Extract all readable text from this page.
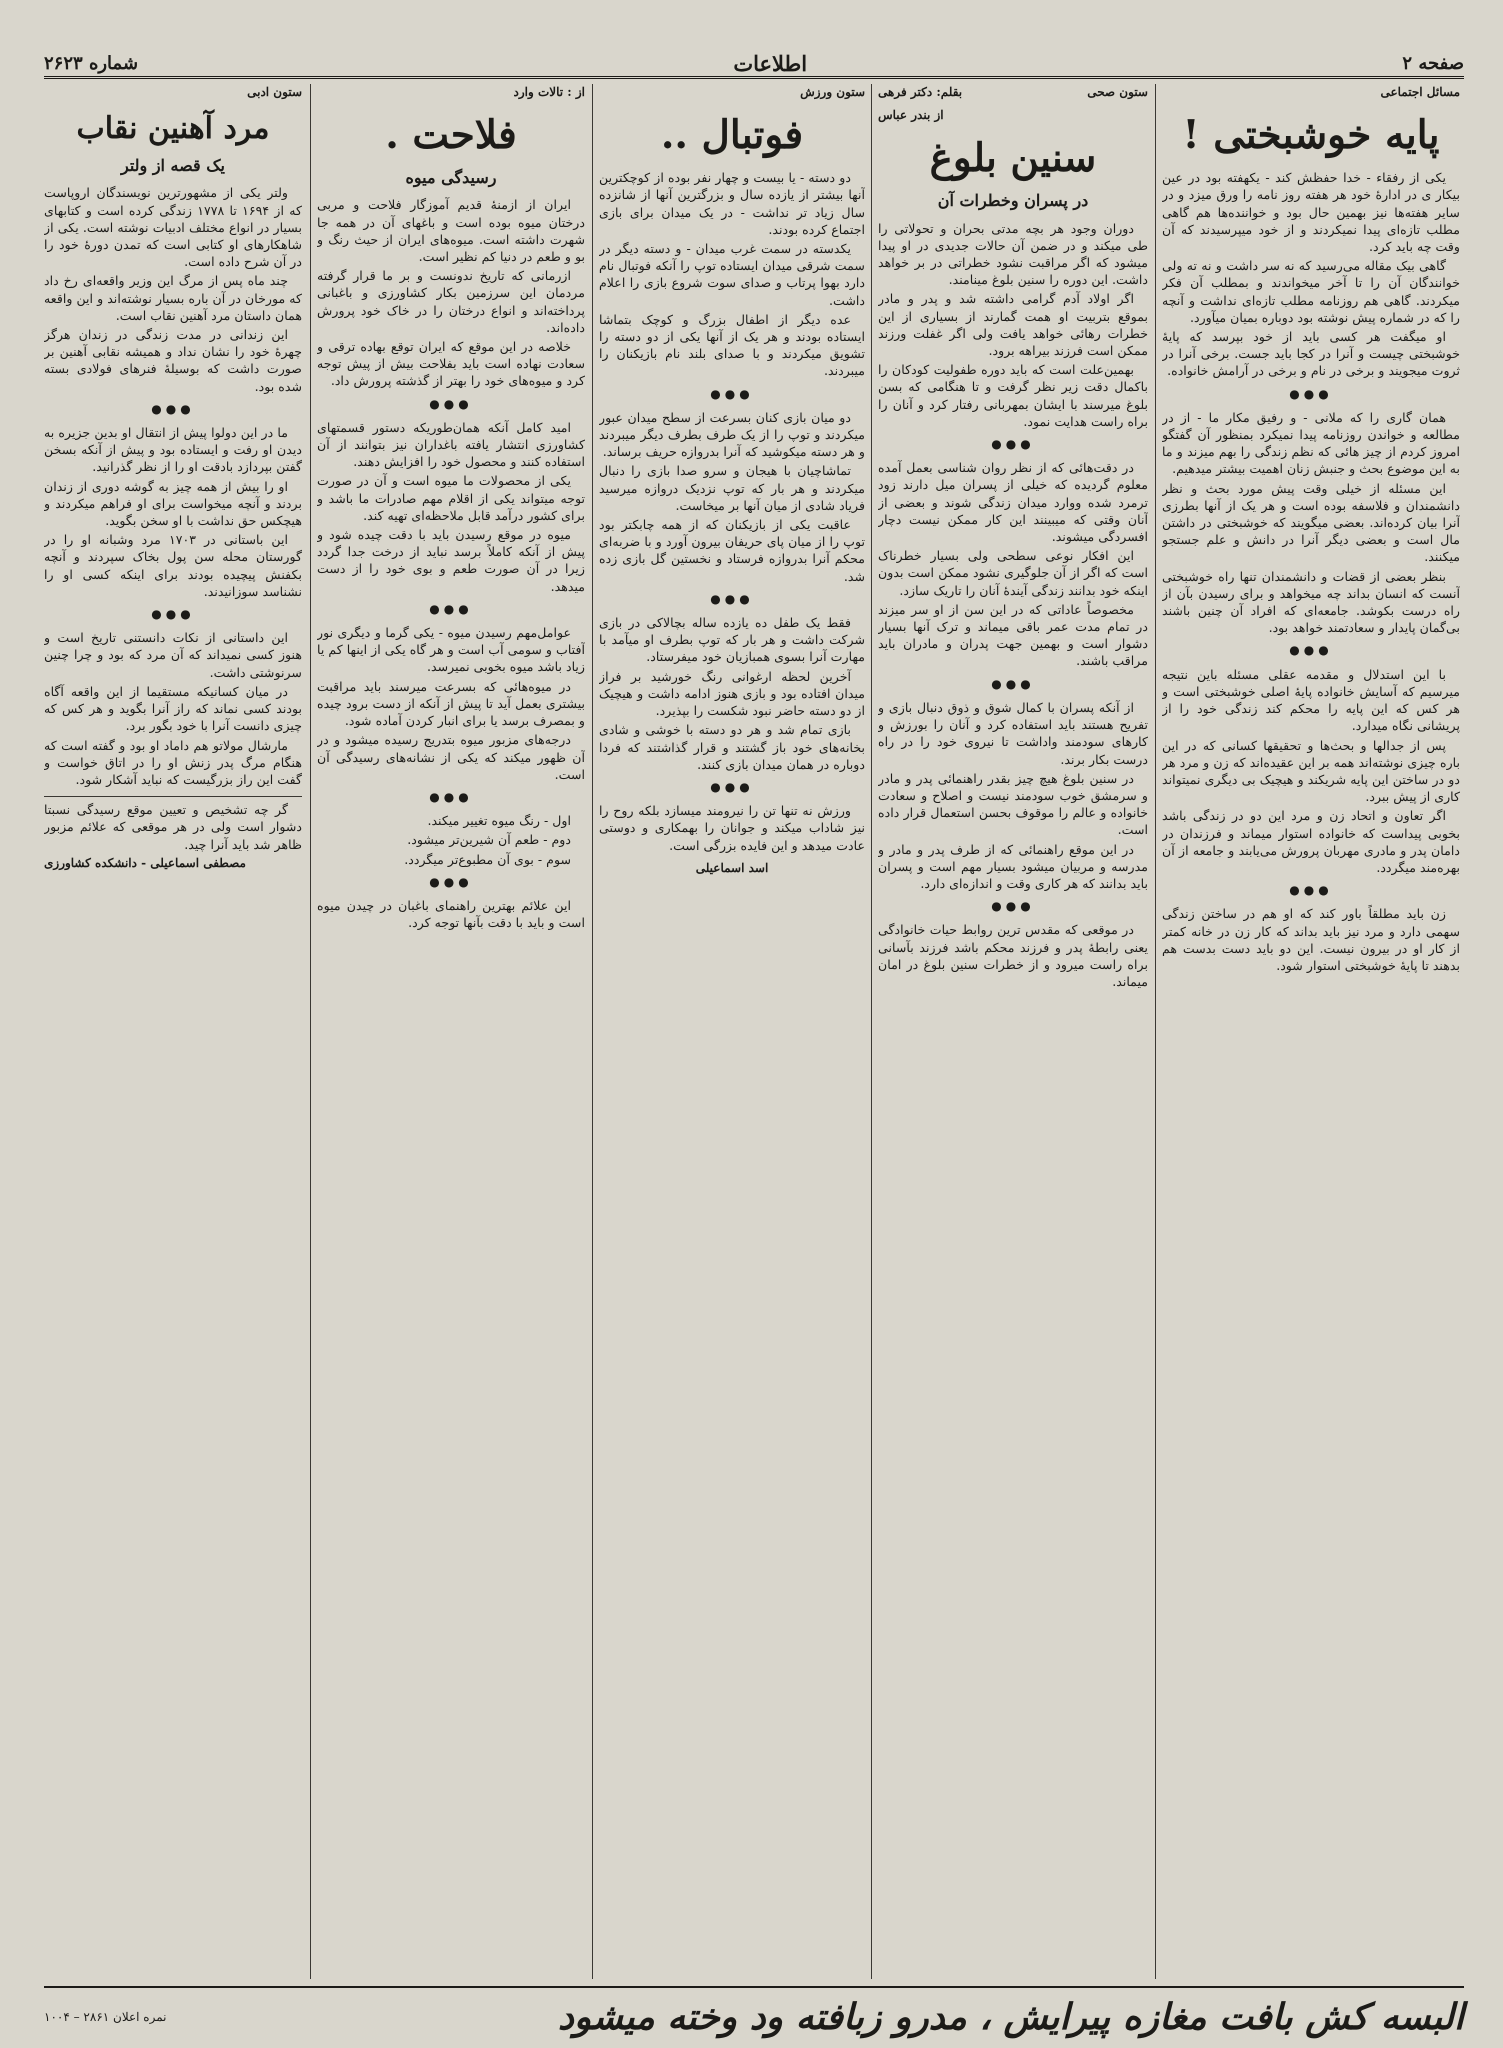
صفحه ۲
اطلاعات
شماره ۲۶۲۳
مسائل اجتماعی
پایه خوشبختی !

یکی از رفقاء - خدا حفظش کند - یکهفته بود در عین بیکار ی در ادارهٔ خود هر هفته روز نامه را ورق میزد و در سایر هفته‌ها نیز بهمین حال بود و خواننده‌ها هم گاهی مطلب تازه‌ای پیدا نمیکردند و از خود میپرسیدند که آن وقت چه باید کرد.

گاهی بیک مقاله می‌رسید که نه سر داشت و نه ته ولی خوانندگان آن را تا آخر میخواندند و بمطلب آن فکر میکردند. گاهی هم روزنامه مطلب تازه‌ای نداشت و آنچه را که در شماره پیش نوشته بود دوباره بمیان میآورد.

او میگفت هر کسی باید از خود بپرسد که پایهٔ خوشبختی چیست و آنرا در کجا باید جست. برخی آنرا در ثروت میجویند و برخی در نام و برخی در آرامش خانواده.

●●●

همان گاری را که ملانی - و رفیق مکار ما - از در مطالعه و خواندن روزنامه پیدا نمیکرد بمنظور آن گفتگو امروز کردم از چیز هائی که نظم زندگی را بهم میزند و ما به این موضوع بحث و جنبش زنان اهمیت بیشتر میدهیم.

این مسئله از خیلی وقت پیش مورد بحث و نظر دانشمندان و فلاسفه بوده است و هر یک از آنها بطرزی آنرا بیان کرده‌اند. بعضی میگویند که خوشبختی در داشتن مال است و بعضی دیگر آنرا در دانش و علم جستجو میکنند.

بنظر بعضی از قضات و دانشمندان تنها راه خوشبختی آنست که انسان بداند چه میخواهد و برای رسیدن بآن از راه درست بکوشد. جامعه‌ای که افراد آن چنین باشند بی‌گمان پایدار و سعادتمند خواهد بود.

●●●

با این استدلال و مقدمه عقلی مسئله باین نتیجه میرسیم که آسایش خانواده پایهٔ اصلی خوشبختی است و هر کس که این پایه را محکم کند زندگی خود را از پریشانی نگاه میدارد.

پس از جدالها و بحث‌ها و تحقیقها کسانی که در این باره چیزی نوشته‌اند همه بر این عقیده‌اند که زن و مرد هر دو در ساختن این پایه شریکند و هیچیک بی دیگری نمیتواند کاری از پیش ببرد.

اگر تعاون و اتحاد زن و مرد این دو در زندگی باشد بخوبی پیداست که خانواده استوار میماند و فرزندان در دامان پدر و مادری مهربان پرورش می‌یابند و جامعه از آن بهره‌مند میگردد.

●●●

زن باید مطلقاً باور کند که او هم در ساختن زندگی سهمی دارد و مرد نیز باید بداند که کار زن در خانه کمتر از کار او در بیرون نیست. این دو باید دست بدست هم بدهند تا پایهٔ خوشبختی استوار شود.

ستون صحی
بقلم: دکتر فرهی
از بندر عباس
سنین بلوغ
در پسران وخطرات آن

دوران وجود هر بچه مدتی بحران و تحولاتی را طی میکند و در ضمن آن حالات جدیدی در او پیدا میشود که اگر مراقبت نشود خطراتی در بر خواهد داشت. این دوره را سنین بلوغ مینامند.

اگر اولاد آدم گرامی داشته شد و پدر و مادر بموقع بتربیت او همت گمارند از بسیاری از این خطرات رهائی خواهد یافت ولی اگر غفلت ورزند ممکن است فرزند بیراهه برود.

بهمین‌علت است که باید دوره طفولیت کودکان را باکمال دقت زیر نظر گرفت و تا هنگامی که بسن بلوغ میرسند با ایشان بمهربانی رفتار کرد و آنان را براه راست هدایت نمود.

●●●

در دقت‌هائی که از نظر روان شناسی بعمل آمده معلوم گردیده که خیلی از پسران میل دارند زود ترمرد شده ووارد میدان زندگی شوند و بعضی از آنان وقتی که میبینند این کار ممکن نیست دچار افسردگی میشوند.

این افکار نوعی سطحی ولی بسیار خطرناک است که اگر از آن جلوگیری نشود ممکن است بدون اینکه خود بدانند زندگی آیندهٔ آنان را تاریک سازد.

مخصوصاً عاداتی که در این سن از او سر میزند در تمام مدت عمر باقی میماند و ترک آنها بسیار دشوار است و بهمین جهت پدران و مادران باید مراقب باشند.

●●●

از آنکه پسران با کمال شوق و ذوق دنبال بازی و تفریح هستند باید استفاده کرد و آنان را بورزش و کارهای سودمند واداشت تا نیروی خود را در راه درست بکار برند.

در سنین بلوغ هیچ چیز بقدر راهنمائی پدر و مادر و سرمشق خوب سودمند نیست و اصلاح و سعادت خانواده و عالم را موقوف بحسن استعمال قرار داده است.

در این موقع راهنمائی که از طرف پدر و مادر و مدرسه و مربیان میشود بسیار مهم است و پسران باید بدانند که هر کاری وقت و اندازه‌ای دارد.

●●●

در موقعی که مقدس ترین روابط حیات خانوادگی یعنی رابطهٔ پدر و فرزند محکم باشد فرزند بآسانی براه راست میرود و از خطرات سنین بلوغ در امان میماند.

ستون ورزش
فوتبال ..

دو دسته - یا بیست و چهار نفر بوده از کوچکترین آنها بیشتر از یازده سال و بزرگترین آنها از شانزده سال زیاد تر نداشت - در یک میدان برای بازی اجتماع کرده بودند.

یکدسته در سمت غرب میدان - و دسته دیگر در سمت شرقی میدان ایستاده توپ را آنکه فوتبال نام دارد بهوا پرتاب و صدای سوت شروع بازی را اعلام داشت.

عده دیگر از اطفال بزرگ و کوچک بتماشا ایستاده بودند و هر یک از آنها یکی از دو دسته را تشویق میکردند و با صدای بلند نام بازیکنان را میبردند.

●●●

دو میان بازی کنان بسرعت از سطح میدان عبور میکردند و توپ را از یک طرف بطرف دیگر میبردند و هر دسته میکوشید که آنرا بدروازه حریف برساند.

تماشاچیان با هیجان و سرو صدا بازی را دنبال میکردند و هر بار که توپ نزدیک دروازه میرسید فریاد شادی از میان آنها بر میخاست.

عاقبت یکی از بازیکنان که از همه چابکتر بود توپ را از میان پای حریفان بیرون آورد و با ضربه‌ای محکم آنرا بدروازه فرستاد و نخستین گل بازی زده شد.

●●●

فقط یک طفل ده یازده ساله بچالاکی در بازی شرکت داشت و هر بار که توپ بطرف او میآمد با مهارت آنرا بسوی همبازیان خود میفرستاد.

آخرین لحظه ارغوانی رنگ خورشید بر فراز میدان افتاده بود و بازی هنوز ادامه داشت و هیچیک از دو دسته حاضر نبود شکست را بپذیرد.

بازی تمام شد و هر دو دسته با خوشی و شادی بخانه‌های خود باز گشتند و قرار گذاشتند که فردا دوباره در همان میدان بازی کنند.

●●●

ورزش نه تنها تن را نیرومند میسازد بلکه روح را نیز شاداب میکند و جوانان را بهمکاری و دوستی عادت میدهد و این فایده بزرگی است.

اسد اسماعیلی
از : تالات وارد
فلاحت .
رسیدگی میوه

ایران از ازمنهٔ قدیم آموزگار فلاحت و مربی درختان میوه بوده است و باغهای آن در همه جا شهرت داشته است. میوه‌های ایران از حیث رنگ و بو و طعم در دنیا کم نظیر است.

ازرمانی که تاریخ ندونست و بر ما قرار گرفته مردمان این سرزمین بکار کشاورزی و باغبانی پرداخته‌اند و انواع درختان را در خاک خود پرورش داده‌اند.

خلاصه در این موقع که ایران توقع بهاده ترقی و سعادت نهاده است باید بفلاحت بیش از پیش توجه کرد و میوه‌های خود را بهتر از گذشته پرورش داد.

●●●

امید کامل آنکه همان‌طوریکه دستور قسمتهای کشاورزی انتشار یافته باغداران نیز بتوانند از آن استفاده کنند و محصول خود را افزایش دهند.

یکی از محصولات ما میوه است و آن در صورت توجه میتواند یکی از اقلام مهم صادرات ما باشد و برای کشور درآمد قابل ملاحظه‌ای تهیه کند.

میوه در موقع رسیدن باید با دقت چیده شود و پیش از آنکه کاملاً برسد نباید از درخت جدا گردد زیرا در آن صورت طعم و بوی خود را از دست میدهد.

●●●

عوامل‌مهم رسیدن میوه - یکی گرما و دیگری نور آفتاب و سومی آب است و هر گاه یکی از اینها کم یا زیاد باشد میوه بخوبی نمیرسد.

در میوه‌هائی که بسرعت میرسند باید مراقبت بیشتری بعمل آید تا پیش از آنکه از دست برود چیده و بمصرف برسد یا برای انبار کردن آماده شود.

درجه‌های مزبور میوه بتدریج رسیده میشود و در آن ظهور میکند که یکی از نشانه‌های رسیدگی آن است.

●●●

اول - رنگ میوه تغییر میکند.

دوم - طعم آن شیرین‌تر میشود.

سوم - بوی آن مطبوع‌تر میگردد.

●●●

این علائم بهترین راهنمای باغبان در چیدن میوه است و باید با دقت بآنها توجه کرد.

ستون ادبی
مرد آهنین نقاب
یک قصه از ولتر

ولتر یکی از مشهورترین نویسندگان اروپاست که از ۱۶۹۴ تا ۱۷۷۸ زندگی کرده است و کتابهای بسیار در انواع مختلف ادبیات نوشته است. یکی از شاهکارهای او کتابی است که تمدن دورهٔ خود را در آن شرح داده است.

چند ماه پس از مرگ این وزیر واقعه‌ای رخ داد که مورخان در آن باره بسیار نوشته‌اند و این واقعه همان داستان مرد آهنین نقاب است.

این زندانی در مدت زندگی در زندان هرگز چهرهٔ خود را نشان نداد و همیشه نقابی آهنین بر صورت داشت که بوسیلهٔ فنرهای فولادی بسته شده بود.

●●●

ما در این دولوا پیش از انتقال او بدین جزیره به دیدن او رفت و ایستاده بود و پیش از آنکه بسخن گفتن بپردازد بادقت او را از نظر گذرانید.

او را بیش از همه چیز به گوشه دوری از زندان بردند و آنچه میخواست برای او فراهم میکردند و هیچکس حق نداشت با او سخن بگوید.

این باستانی در ۱۷۰۳ مرد وشبانه او را در گورستان محله سن پول بخاک سپردند و آنچه بکفنش پیچیده بودند برای اینکه کسی او را نشناسد سوزانیدند.

●●●

این داستانی از نکات دانستنی تاریخ است و هنوز کسی نمیداند که آن مرد که بود و چرا چنین سرنوشتی داشت.

در میان کسانیکه مستقیما از این واقعه آگاه بودند کسی نماند که راز آنرا بگوید و هر کس که چیزی دانست آنرا با خود بگور برد.

مارشال مولاتو هم داماد او بود و گفته است که هنگام مرگ پدر زنش او را در اتاق خواست و گفت این راز بزرگیست که نباید آشکار شود.

گر چه تشخیص و تعیین موقع رسیدگی نسبتا دشوار است ولی در هر موقعی که علائم مزبور ظاهر شد باید آنرا چید.

مصطفی اسماعیلی - دانشکده کشاورزی
البسه کش بافت مغازه پیرایش ، مدرو زبافته ود وخته میشود
نمره اعلان ۲۸۶۱ – ۱۰۰۴
